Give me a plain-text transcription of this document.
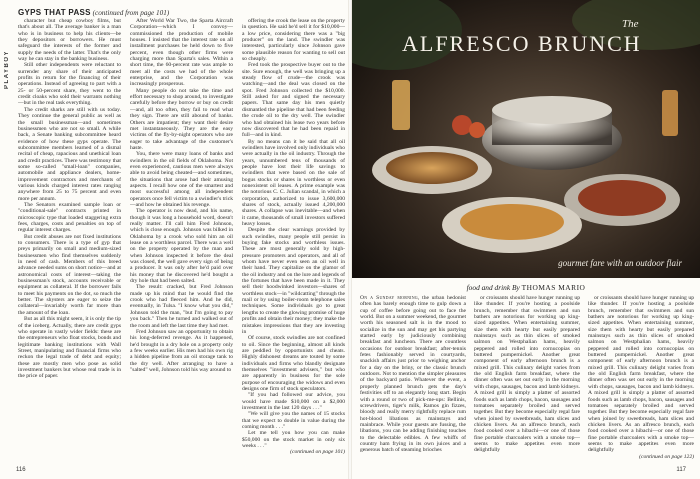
PLAYBOY
GYPS THAT PASS (continued from page 101)

character but cheap cowboy films, but that's about all. The average banker is a man who is in business to help his clients—be they depositors or borrowers. He must safeguard the interests of the former and supply the needs of the latter. That's the only way he can stay in the banking business.

Still other independents were reluctant to surrender any share of their anticipated profits in return for the financing of their operations. Instead of agreeing to part with a 25- or 50-percent share, they went to the credit cloaks who sold their warrants nothing—but in the real task everything.

The credit sharks are still with us today. They continue the general public as well as the small businessman—and sometimes businessmen who are not so small. A while back, a Senate banking subcommittee heard evidence of how these gyps operate. The subcommittee members learned of a dismal recital of cheap, rapacious and unethical loan and credit practices. There was testimony that some so-called "small-loan" companies, automobile and appliance dealers, home-improvement contractors and merchants of various kinds charged interest rates ranging anywhere from 25 to 75 percent and even more per annum.

The Senators examined sample loan or "conditional-sale" contracts printed in microscopic type that loaded staggering extra fees, charges, costs and penalties on top of regular interest charges.

But credit abuses are not fixed institutions to consumers. There is a type of gyp that preys primarily on small and medium-sized businessmen who find themselves suddenly in need of cash. Members of this breed advance needed sums on short notice—and at astronomical costs of interest—taking the businessman's stock, accounts receivable or equipment as collateral. If the borrower fails to meet his payments on the dot, so much the better. The shysters are eager to seize the collateral—invariably worth far more than the amount of the loan.

But as all this might seem, it is only the tip of the iceberg. Actually, there are credit gyps who operate in vastly wider fields: these are the entrepreneurs who float stocks, bonds and legitimate banking institutions with Wall Street, manipulating and financial firms who reckon the legal trade of debt and equity; these are mostly men who pose as solid investment bankers but whose real trade is in the price of paper.

After World War Two, the Sparta Aircraft Corporation—which I convoy—commissioned the production of mobile houses. I insisted that the interest rate on all installment purchases be held down to five percent, even though other firms were charging more than Sparta's sales. Within a short time, the 60-percent rate was ample to meet all the costs we had of the whole enterprise, and the Corporation was increasingly prosperous.

Many people do not take the time and effort necessary to shop around, to investigate carefully before they borrow or buy on credit—and, all too often, they fail to read what they sign. There are still abound of banks. Others are impatient; they want their desire met instantaneously. They are the easy victims of the fly-by-night operators who are eager to take advantage of the customer's haste.

You, there were many loans of banks and swindlers in the oil fields of Oklahoma. Not even experienced, cautious men were always able to avoid being cheated—and sometimes, the situations that arose had their amusing aspects. I recall how one of the smartest and most successful among all independent operators once fell victim to a swindler's trick—and how he obtained his revenge.

The operator is now dead, and his name, though it was long a household word, doesn't really matter. I'll call him Fred Johnson, which is close enough. Johnson was bilked in Oklahoma by a crook who sold him an oil lease on a worthless parcel. There was a well on the property operated by the man and when Johnson inspected it before the deal was closed, the well gave every sign of being a producer. It was only after he'd paid over his money that he discovered he'd bought a dry hole that had been salted.

The result: cracked, but Fred Johnson made up his mind that he would find the crook who had fleeced him. And he did, eventually, in Tulsa. "I know what you did," Johnson told the man, "but I'm going to pay you back." Then he turned and walked out of the room and left the last time they had met.

Fred Johnson saw an opportunity to obtain his long-deferred revenge. As it happened, he'd brought in a dry hole on a property only a few weeks earlier. His men had his own rig a hidden pipeline from an oil storage tank to the dry well. After arranging to have a "salted" well, Johnson told his way around to

offering the crook the lease on the property in question. He said he'd sell it for $10,000—a low price, considering there was a "big producer" on the land. The swindler was interested, particularly since Johnson gave some plausible reason for wanting to sell out so cheaply.

Fred took the prospective buyer out to the site. Sure enough, the well was bringing up a steady flow of crude—the crook was watching—and the deal was closed on the spot. Fred Johnson collected the $10,000. Still asked for and signed the necessary papers. That same day his men quietly dismantled the pipeline that had been feeding the crude oil to the dry well. The swindler who had obtained his lease two years before now discovered that he had been repaid in full—and in kind.

By no means can it be said that all oil swindlers have involved only individuals who were actually in the oil industry. Through the years, unnumbered tens of thousands of people have lost their life savings to swindlers that were based on the sale of bogus stocks or shares in worthless or even nonexistent oil leases. A prime example was the notorious C. C. Julian scandal, in which a corporation, authorized to issue 3,600,000 shares of stock, actually issued 4,200,000 shares. A collapse was inevitable—and when it came, thousands of small investors suffered heavy losses.

Despite the clear warnings provided by such swindles, many people still persist in buying fake stocks and worthless issues. These are most generally sold by high-pressure promoters and operators, and all of whom have never even seen an oil well in their hand. They capitalize on the glamor of the oil industry and on the lure and legends of the fortunes that have been made in it. They sell their hoodwinked investors—shares of worthless stock—in "wildcatting" through the mail or by using boiler-room telephone sales techniques. Some individuals go to great lengths to create the glowing promise of huge profits and obtain their money; they make the mistakes impressions that they are investing in

Of course, stock swindles are not confined to oil. Since the beginning, almost all kinds are peddled by opportunists and cheats. Highly dishonest dreams are touted by some individuals and firms who blandly designate themselves "investment advisers," but who are apparently in business for the sole purpose of encouraging the widows and even designs one firm of stock speculators.

"If you had followed our advice, you would have made $10,000 on a $2,000 investment in the last 120 days . . ."

"We will give you the names of 15 stocks that we expect to double in value during the coming month . . ."

Let me tell you how you can make $50,000 on the stock market in only six weeks . . ."

(continued on page 101)

116
The
ALFRESCO BRUNCH
gourmet fare with an outdoor flair
food and drink By THOMAS MARIO

On a Sunday morning, the urban hedonist often has barely enough time to gulp down a cup of coffee before going out to face the world. But on a summer weekend, the gourmet worth his seasoned salt is in the mood to socialize in the sun and may get his partying started early by judiciously combining breakfast and luncheon. There are countless occasions for outdoor breakfast; after-tennis fetes fashionably served in courtyards, snackish affairs just prior to weighing anchor for a day on the briny, or the classic brunch outdoors. Not to mention the simpler pleasures of the backyard patio. Whatever the event, a properly planned brunch gets the day's festivities off to an elegantly long start. Begin with a round or two of pick-me-ups: Bellinis, screwdrivers, tiger's milk, Ramos gin fizzes, bloody and really merry rightfully replace rum hot-blood libations as mainstays and mainbrace. While your guests are fussing, the libations, you can be adding finishing touches to the delectable edibles. A few whiffs of country ham frying in its own juices and a generous batch of steaming brioches

or croissants should have hunger running up like thunder. If you're hosting a poolside brunch, remember that swimmers and sun bathers are notorious for working up king-sized appetites. When entertaining summer, size them with hearty but easily prepared mainstays such as thin slices of smoked salmon on Westphalian hams, heavily peppered and rolled into cornucopias on buttered pumpernickel. Another great component of early afternoon brunch is a mixed grill. This culinary delight varies from the old English farm breakfast, where the dinner often was set out early in the morning with chops, sausages, bacon and lamb kidneys. A mixed grill is simply a platter of assorted foods such as lamb chops, bacon, sausages and tomatoes separately broiled and served together. But they become especially regal fare when joined by sweetbreads, ham slices and chicken livers. As an alfresco brunch, each food cooked over a hibachi—or one of those fine portable charcoalers with a smoke top—seems to make appetites even more delightfully

or croissants should have hunger running up like thunder. If you're hosting a poolside brunch, remember that swimmers and sun bathers are notorious for working up king-sized appetites. When entertaining summer, size them with hearty but easily prepared mainstays such as thin slices of smoked salmon on Westphalian hams, heavily peppered and rolled into cornucopias on buttered pumpernickel. Another great component of early afternoon brunch is a mixed grill. This culinary delight varies from the old English farm breakfast, where the dinner often was set out early in the morning with chops, sausages, bacon and lamb kidneys. A mixed grill is simply a platter of assorted foods such as lamb chops, bacon, sausages and tomatoes separately broiled and served together. But they become especially regal fare when joined by sweetbreads, ham slices and chicken livers. As an alfresco brunch, each food cooked over a hibachi—or one of those fine portable charcoalers with a smoke top—seems to make appetites even more delightfully

(continued on page 122)

117
